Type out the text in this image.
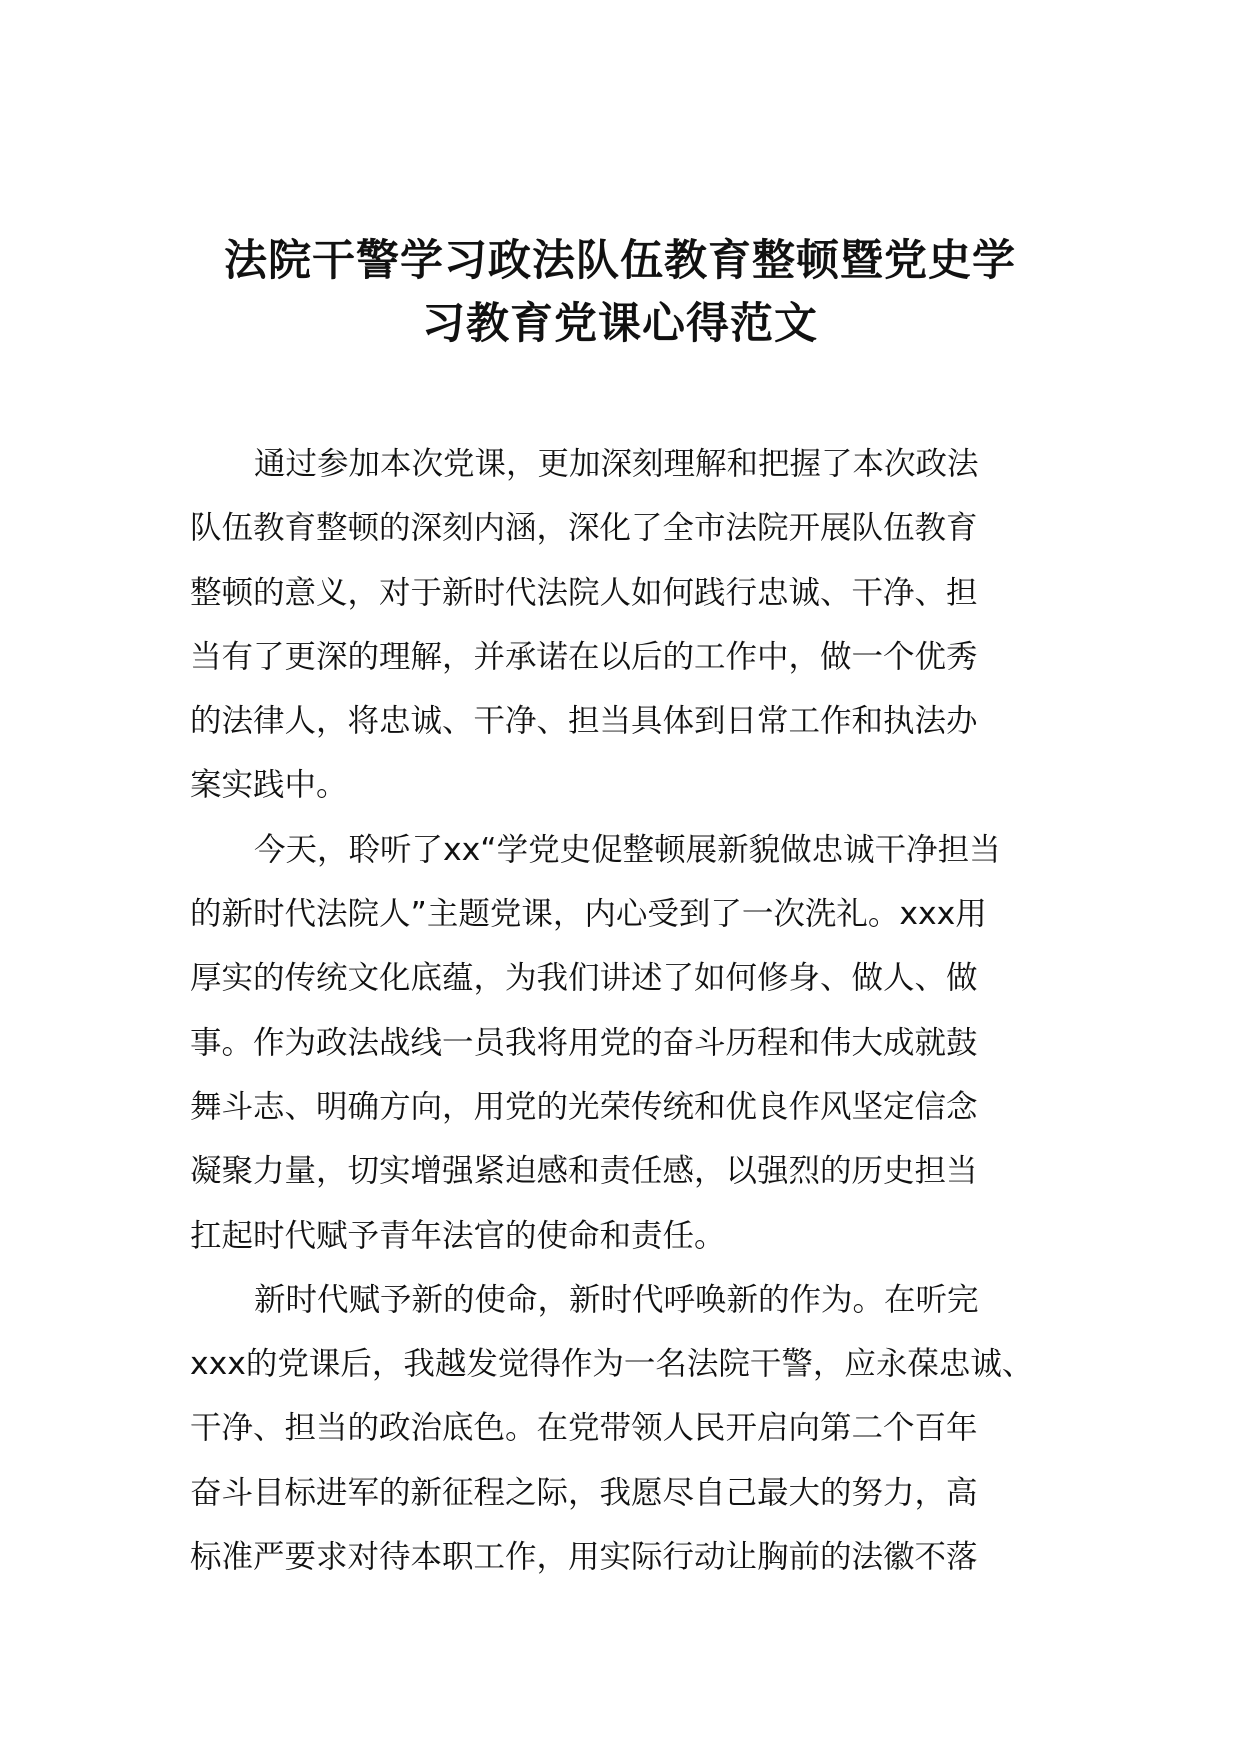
法院干警学习政法队伍教育整顿暨党史学
习教育党课心得范文
通过参加本次党课，更加深刻理解和把握了本次政法
队伍教育整顿的深刻内涵，深化了全市法院开展队伍教育
整顿的意义，对于新时代法院人如何践行忠诚、干净、担
当有了更深的理解，并承诺在以后的工作中，做一个优秀
的法律人，将忠诚、干净、担当具体到日常工作和执法办
案实践中。
今天，聆听了xx“学党史促整顿展新貌做忠诚干净担当
的新时代法院人”主题党课，内心受到了一次洗礼。xxx用
厚实的传统文化底蕴，为我们讲述了如何修身、做人、做
事。作为政法战线一员我将用党的奋斗历程和伟大成就鼓
舞斗志、明确方向，用党的光荣传统和优良作风坚定信念
凝聚力量，切实增强紧迫感和责任感，以强烈的历史担当
扛起时代赋予青年法官的使命和责任。
新时代赋予新的使命，新时代呼唤新的作为。在听完
xxx的党课后，我越发觉得作为一名法院干警，应永葆忠诚、
干净、担当的政治底色。在党带领人民开启向第二个百年
奋斗目标进军的新征程之际，我愿尽自己最大的努力，高
标准严要求对待本职工作，用实际行动让胸前的法徽不落
